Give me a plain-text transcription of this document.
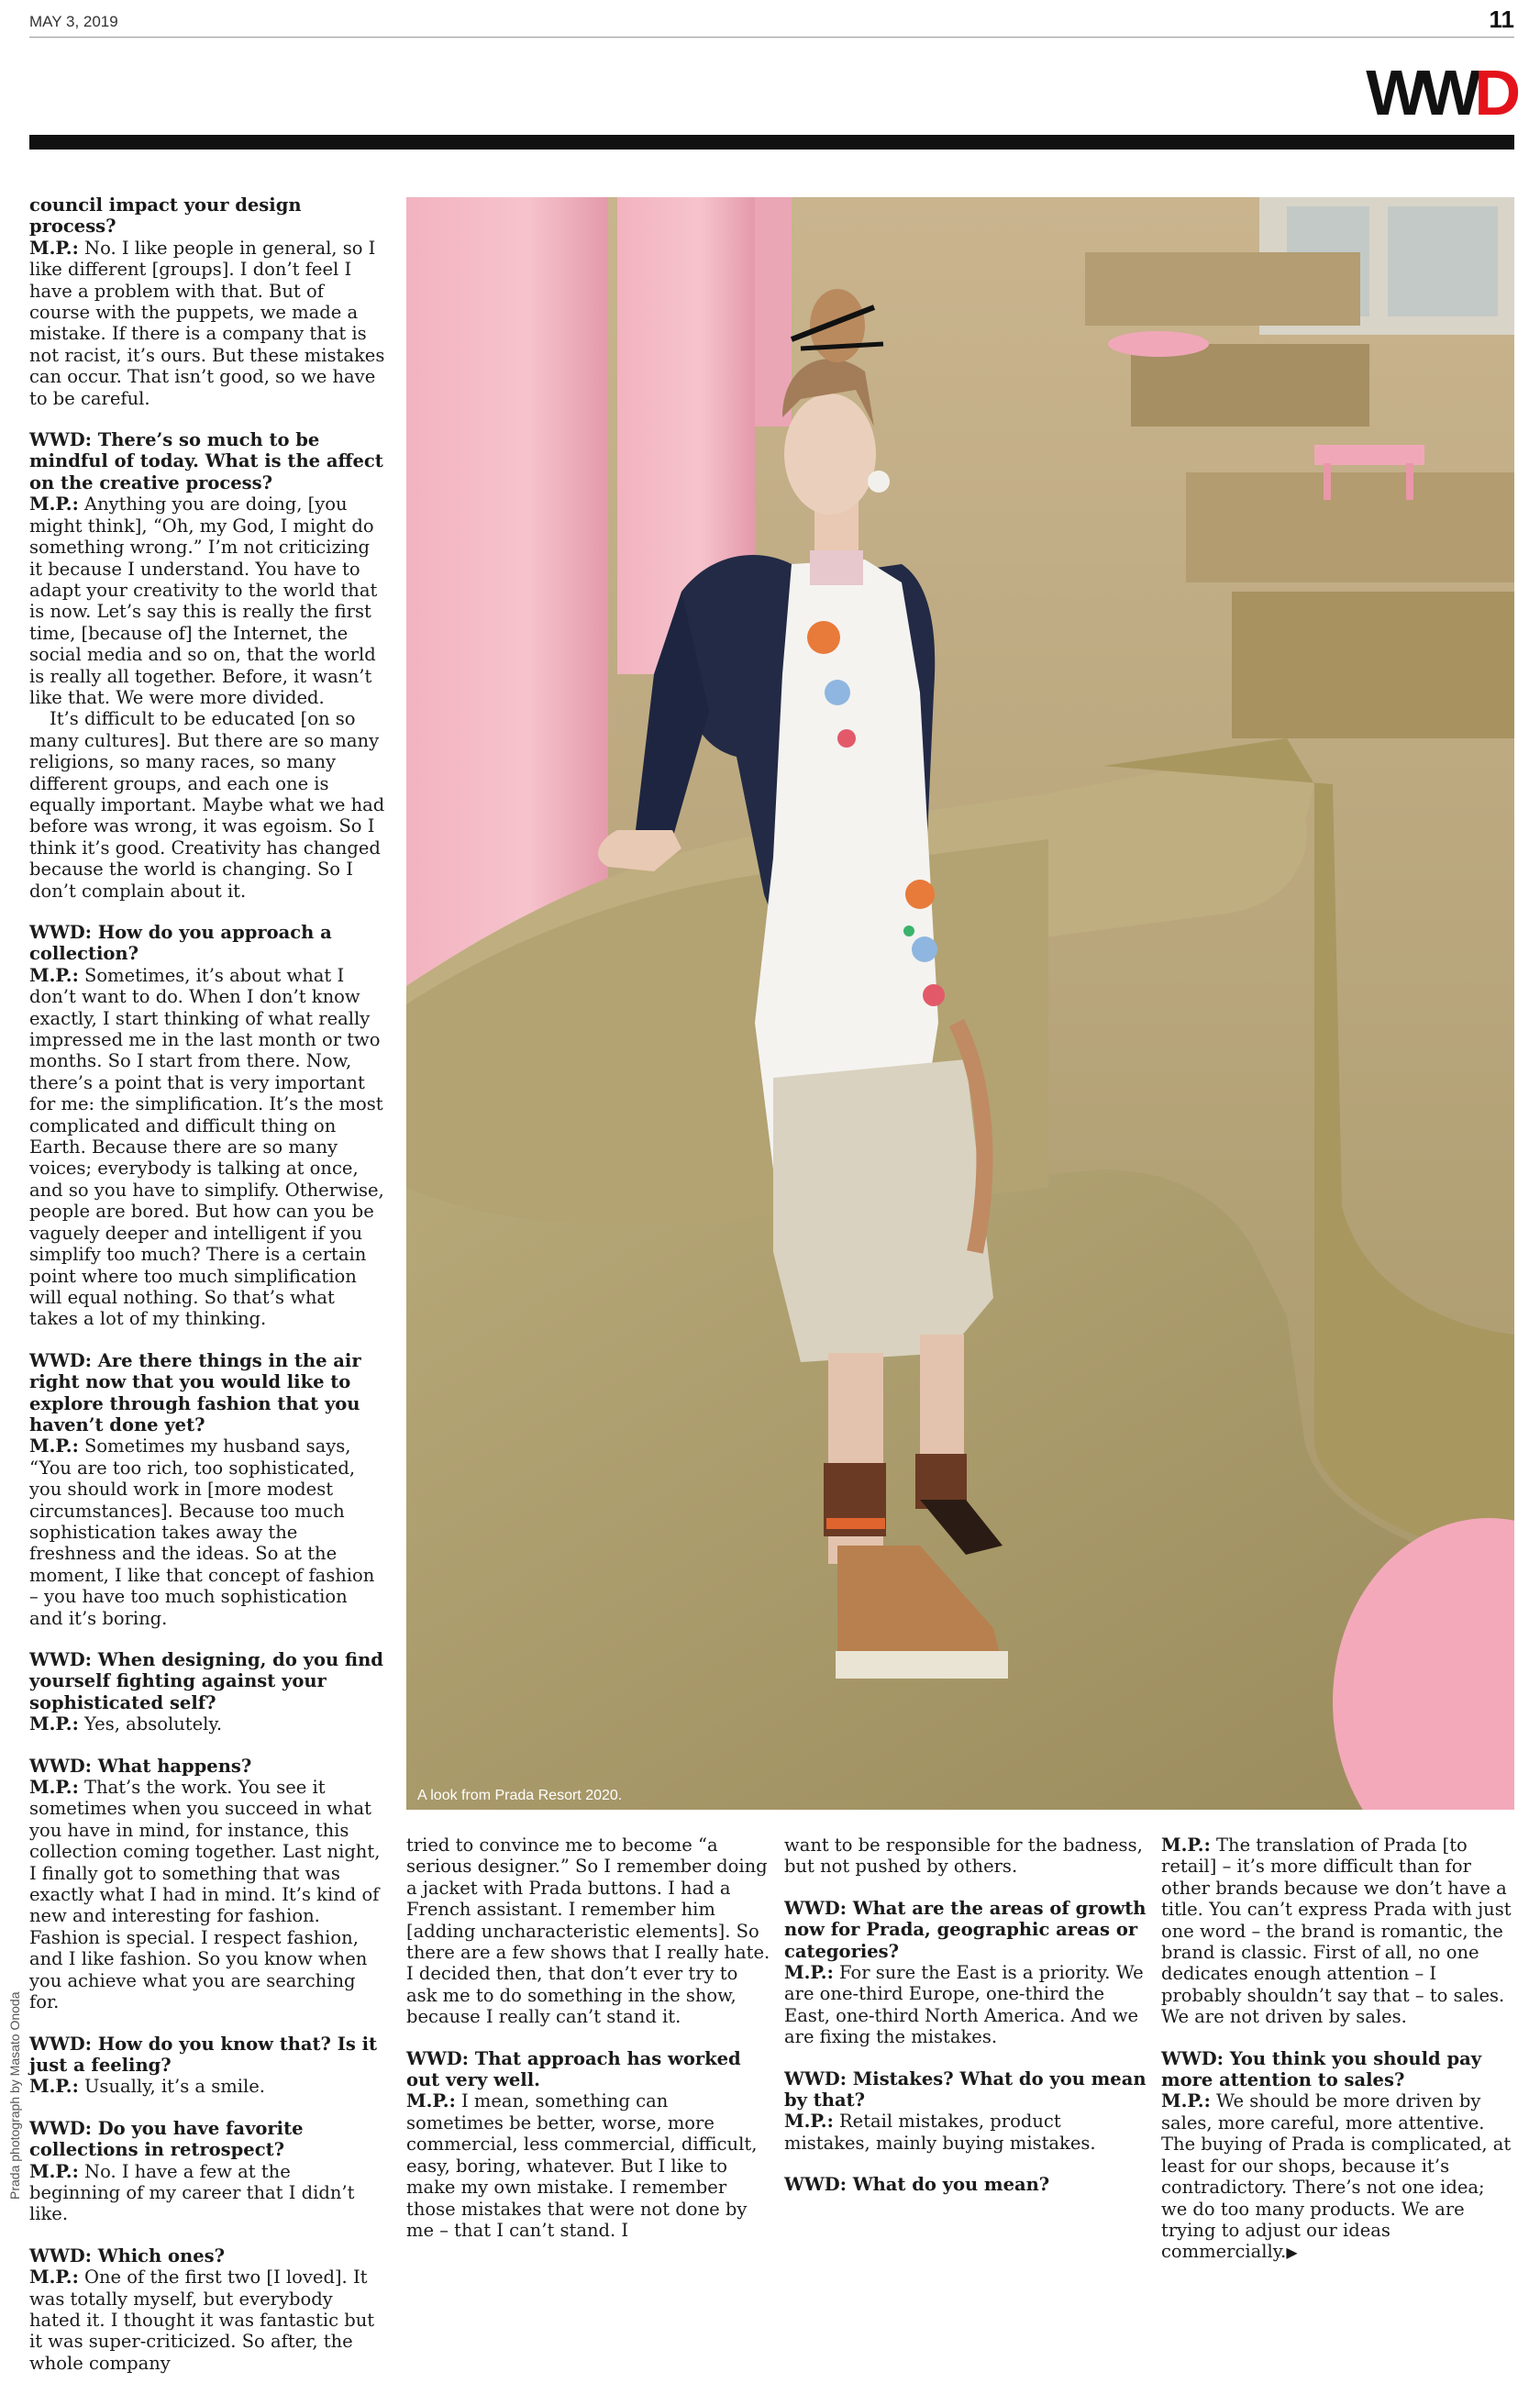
MAY 3, 2019	11
WWD

council impact your design process?
M.P.: No. I like people in general, so I like different [groups]. I don’t feel I have a problem with that. But of course with the puppets, we made a mistake. If there is a company that is not racist, it’s ours. But these mistakes can occur. That isn’t good, so we have to be careful.

WWD: There’s so much to be mindful of today. What is the affect on the creative process?
M.P.: Anything you are doing, [you might think], “Oh, my God, I might do something wrong.” I’m not criticizing it because I understand. You have to adapt your creativity to the world that is now. Let’s say this is really the first time, [because of] the Internet, the social media and so on, that the world is really all together. Before, it wasn’t like that. We were more divided.

It’s difficult to be educated [on so many cultures]. But there are so many religions, so many races, so many different groups, and each one is equally important. Maybe what we had before was wrong, it was egoism. So I think it’s good. Creativity has changed because the world is changing. So I don’t complain about it.

WWD: How do you approach a collection?
M.P.: Sometimes, it’s about what I don’t want to do. When I don’t know exactly, I start thinking of what really impressed me in the last month or two months. So I start from there. Now, there’s a point that is very important for me: the simplification. It’s the most complicated and difficult thing on Earth. Because there are so many voices; everybody is talking at once, and so you have to simplify. Otherwise, people are bored. But how can you be vaguely deeper and intelligent if you simplify too much? There is a certain point where too much simplification will equal nothing. So that’s what takes a lot of my thinking.

WWD: Are there things in the air right now that you would like to explore through fashion that you haven’t done yet?
M.P.: Sometimes my husband says, “You are too rich, too sophisticated, you should work in [more modest circumstances]. Because too much sophistication takes away the freshness and the ideas. So at the moment, I like that concept of fashion – you have too much sophistication and it’s boring.

WWD: When designing, do you find yourself fighting against your sophisticated self?
M.P.: Yes, absolutely.

WWD: What happens?
M.P.: That’s the work. You see it sometimes when you succeed in what you have in mind, for instance, this collection coming together. Last night, I finally got to something that was exactly what I had in mind. It’s kind of new and interesting for fashion. Fashion is special. I respect fashion, and I like fashion. So you know when you achieve what you are searching for.

WWD: How do you know that? Is it just a feeling?
M.P.: Usually, it’s a smile.

WWD: Do you have favorite collections in retrospect?
M.P.: No. I have a few at the beginning of my career that I didn’t like.

WWD: Which ones?
M.P.: One of the first two [I loved]. It was totally myself, but everybody hated it. I thought it was fantastic but it was super-criticized. So after, the whole company

A look from Prada Resort 2020.
Prada photograph by Masato Onoda

tried to convince me to become “a serious designer.” So I remember doing a jacket with Prada buttons. I had a French assistant. I remember him [adding uncharacteristic elements]. So there are a few shows that I really hate. I decided then, that don’t ever try to ask me to do something in the show, because I really can’t stand it.

WWD: That approach has worked out very well.
M.P.: I mean, something can sometimes be better, worse, more commercial, less commercial, difficult, easy, boring, whatever. But I like to make my own mistake. I remember those mistakes that were not done by me – that I can’t stand. I

want to be responsible for the badness, but not pushed by others.

WWD: What are the areas of growth now for Prada, geographic areas or categories?
M.P.: For sure the East is a priority. We are one-third Europe, one-third the East, one-third North America. And we are fixing the mistakes.

WWD: Mistakes? What do you mean by that?
M.P.: Retail mistakes, product mistakes, mainly buying mistakes.

WWD: What do you mean?

M.P.: The translation of Prada [to retail] – it’s more difficult than for other brands because we don’t have a title. You can’t express Prada with just one word – the brand is romantic, the brand is classic. First of all, no one dedicates enough attention – I probably shouldn’t say that – to sales. We are not driven by sales.

WWD: You think you should pay more attention to sales?
M.P.: We should be more driven by sales, more careful, more attentive. The buying of Prada is complicated, at least for our shops, because it’s contradictory. There’s not one idea; we do too many products. We are trying to adjust our ideas commercially.▶
